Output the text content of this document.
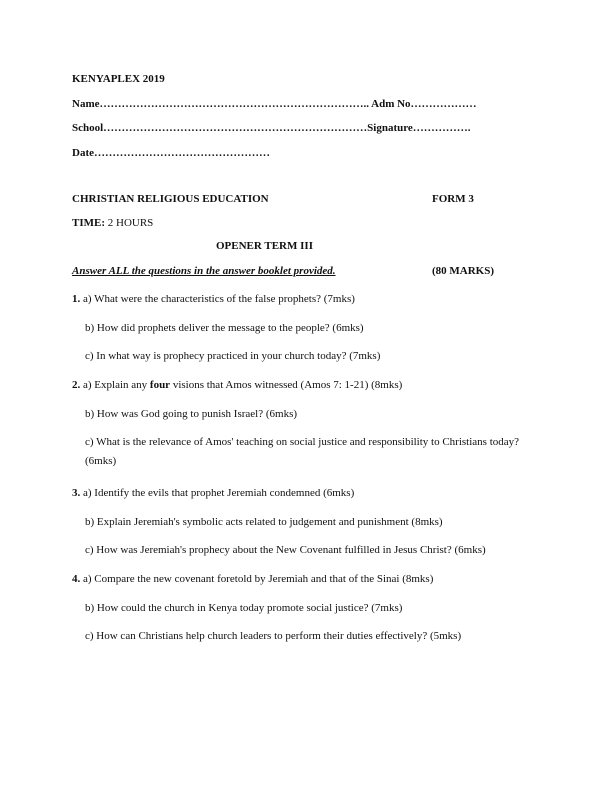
KENYAPLEX 2019
Name……………………………………………………………….. Adm No………………
School………………………………………………………………Signature…………….
Date…………………………………………
CHRISTIAN RELIGIOUS EDUCATION	FORM 3
TIME: 2 HOURS
OPENER TERM III
Answer ALL the questions in the answer booklet provided.	(80 MARKS)
1. a) What were the characteristics of the false prophets? (7mks)
b) How did prophets deliver the message to the people? (6mks)
c) In what way is prophecy practiced in your church today? (7mks)
2. a) Explain any four visions that Amos witnessed (Amos 7: 1-21) (8mks)
b) How was God going to punish Israel? (6mks)
c) What is the relevance of Amos' teaching on social justice and responsibility to Christians today? (6mks)
3. a) Identify the evils that prophet Jeremiah condemned (6mks)
b) Explain Jeremiah's symbolic acts related to judgement and punishment (8mks)
c) How was Jeremiah's prophecy about the New Covenant fulfilled in Jesus Christ? (6mks)
4. a) Compare the new covenant foretold by Jeremiah and that of the Sinai (8mks)
b) How could the church in Kenya today promote social justice? (7mks)
c) How can Christians help church leaders to perform their duties effectively? (5mks)
